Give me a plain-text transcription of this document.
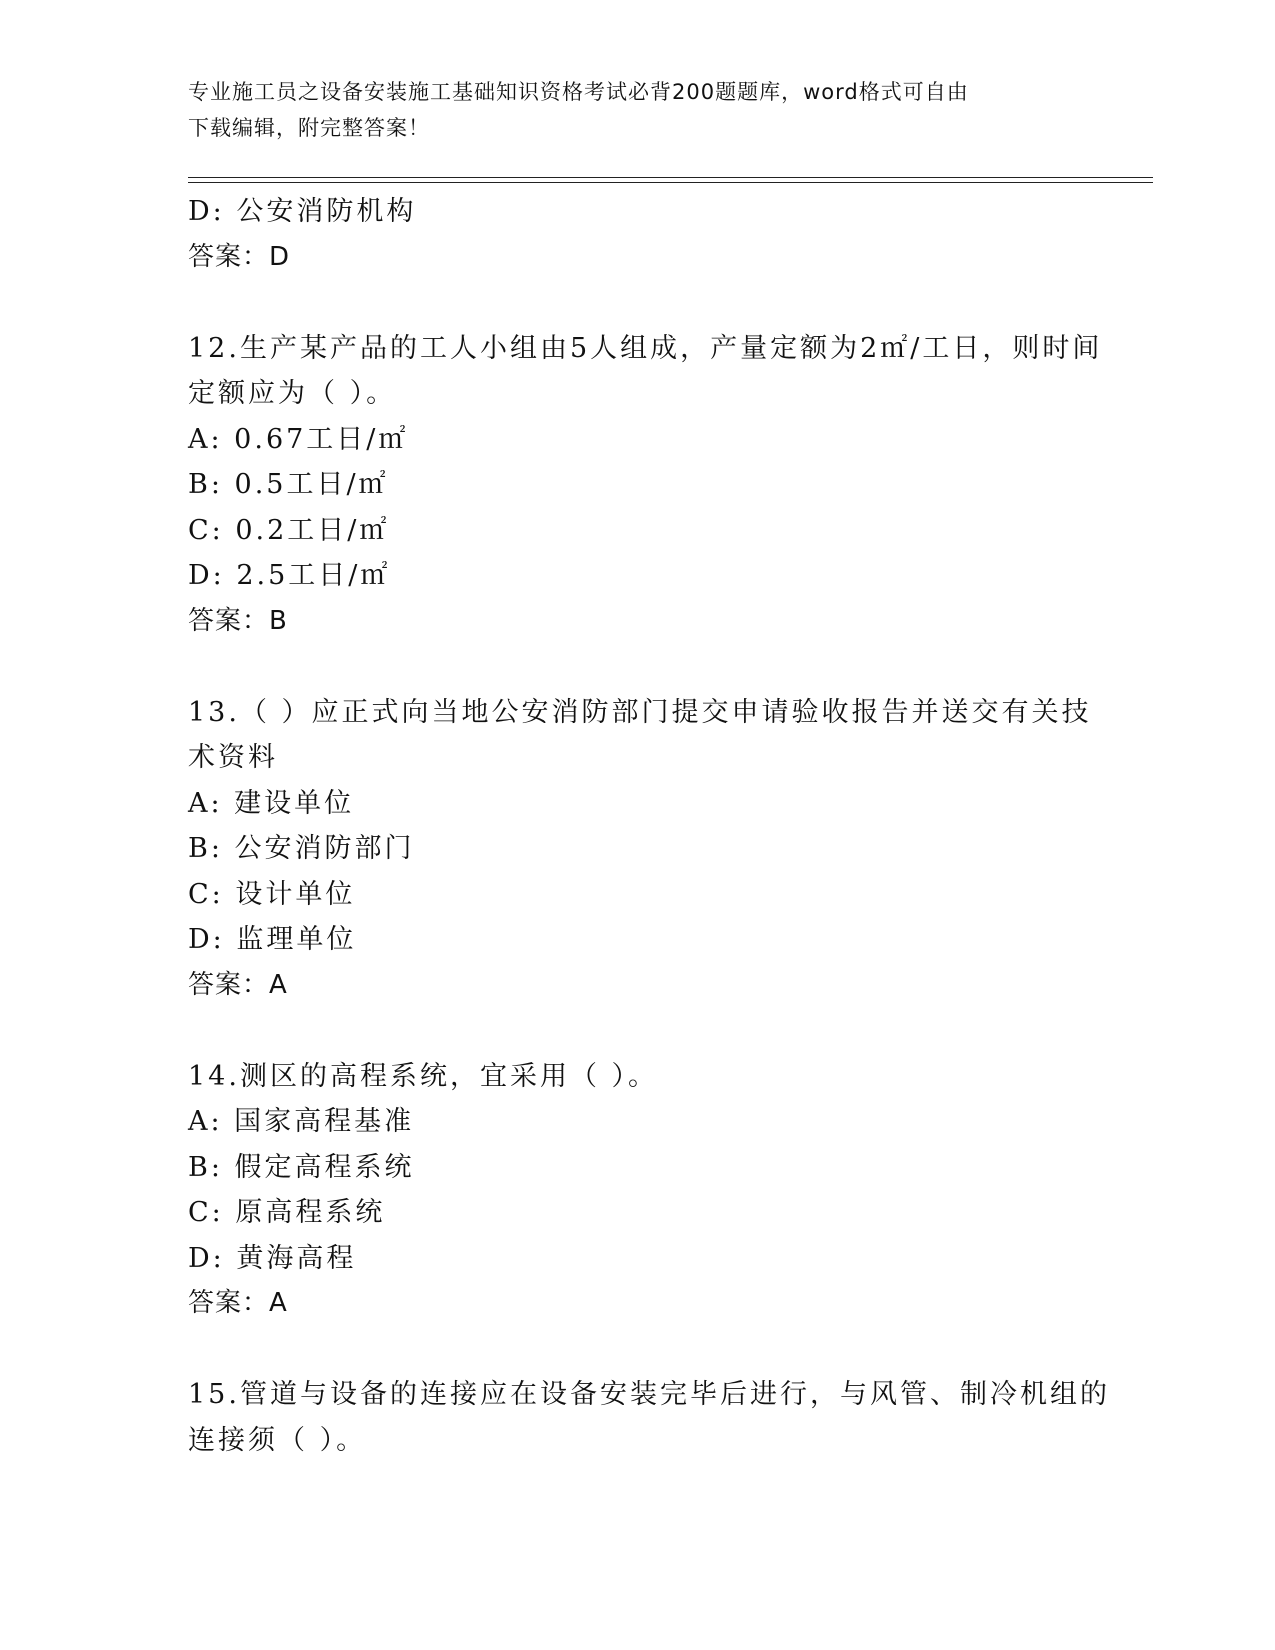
专业施工员之设备安装施工基础知识资格考试必背200题题库，word格式可自由
下载编辑，附完整答案！
D: 公安消防机构
答案：D
12.生产某产品的工人小组由5人组成，产量定额为2㎡/工日，则时间
定额应为（ ）。
A: 0.67工日/㎡
B: 0.5工日/㎡
C: 0.2工日/㎡
D: 2.5工日/㎡
答案：B
13.（ ）应正式向当地公安消防部门提交申请验收报告并送交有关技
术资料
A: 建设单位
B: 公安消防部门
C: 设计单位
D: 监理单位
答案：A
14.测区的高程系统，宜采用（ ）。
A: 国家高程基准
B: 假定高程系统
C: 原高程系统
D: 黄海高程
答案：A
15.管道与设备的连接应在设备安装完毕后进行，与风管、制冷机组的
连接须（ ）。
